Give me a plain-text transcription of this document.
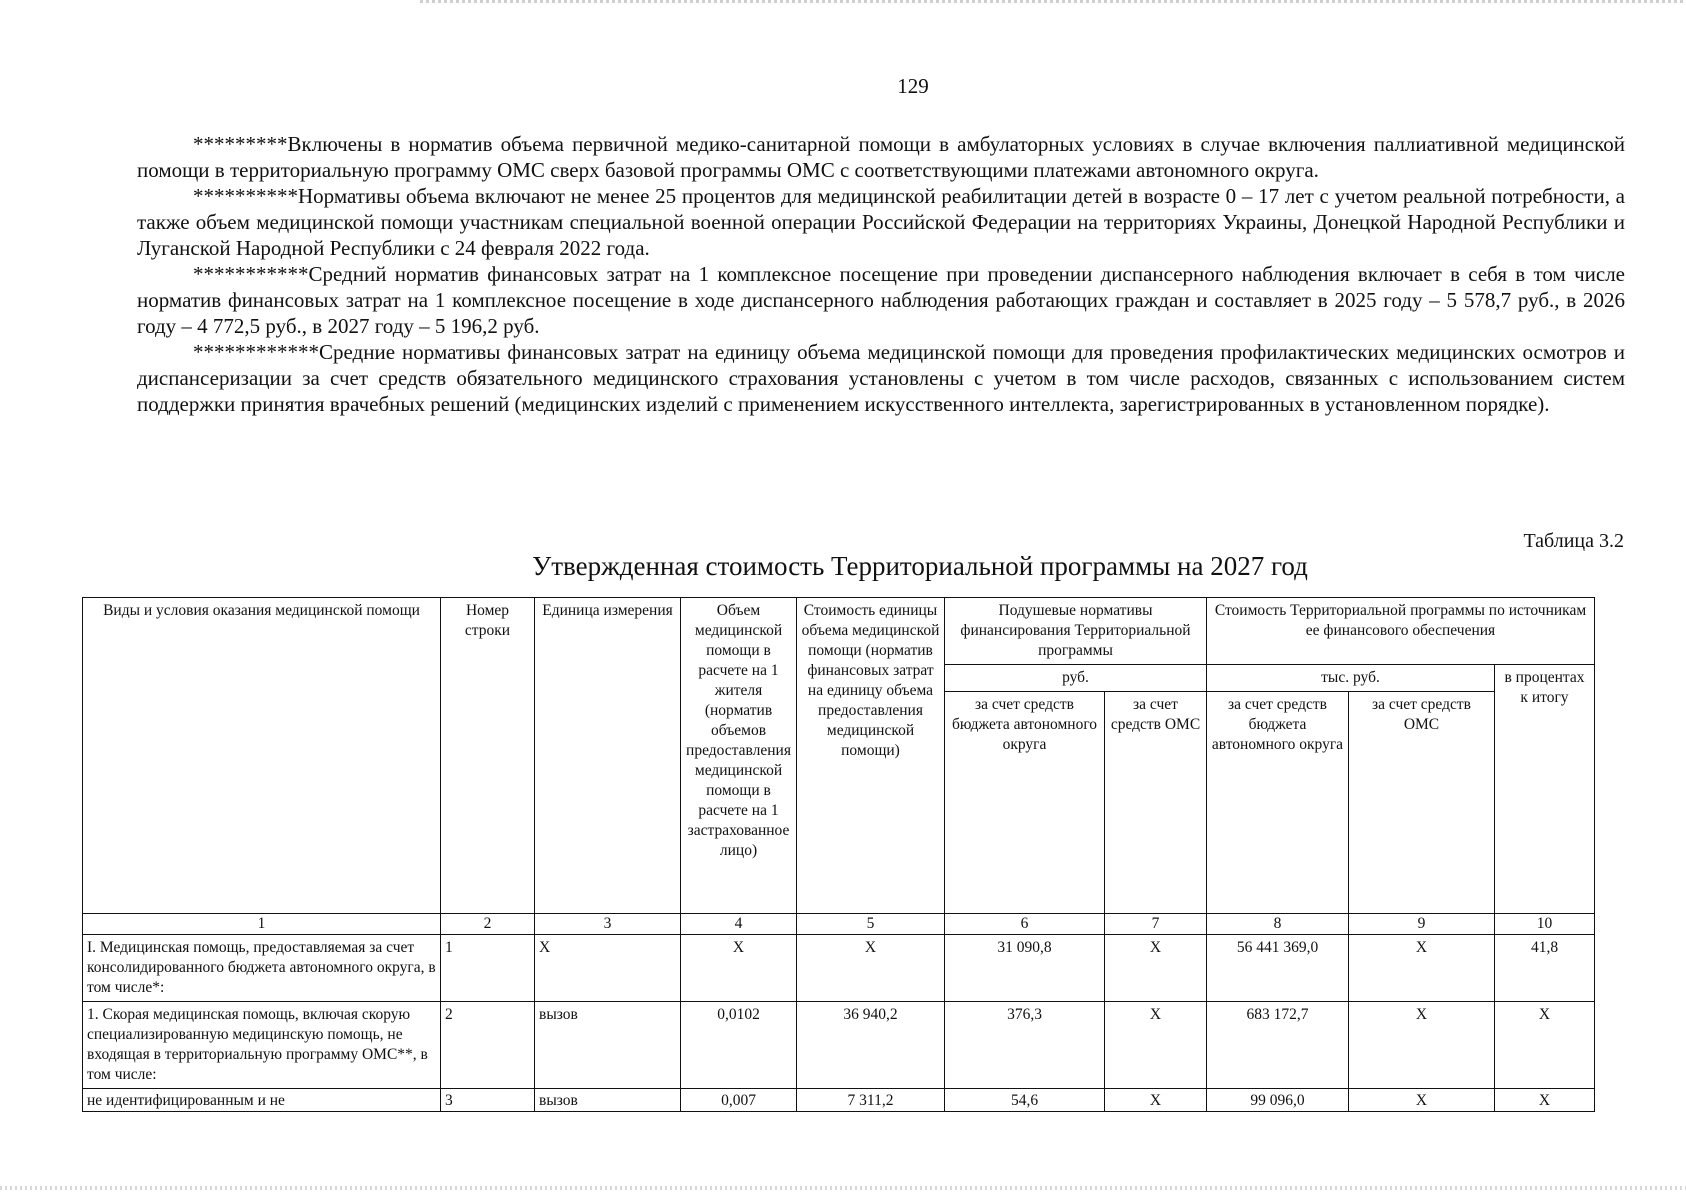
129

*********Включены в норматив объема первичной медико-санитарной помощи в амбулаторных условиях в случае включения паллиативной медицинской помощи в территориальную программу ОМС сверх базовой программы ОМС с соответствующими платежами автономного округа.

**********Нормативы объема включают не менее 25 процентов для медицинской реабилитации детей в возрасте 0 – 17 лет с учетом реальной потребности, а также объем медицинской помощи участникам специальной военной операции Российской Федерации на территориях Украины, Донецкой Народной Республики и Луганской Народной Республики с 24 февраля 2022 года.

***********Средний норматив финансовых затрат на 1 комплексное посещение при проведении диспансерного наблюдения включает в себя в том числе норматив финансовых затрат на 1 комплексное посещение в ходе диспансерного наблюдения работающих граждан и составляет в 2025 году – 5 578,7 руб., в 2026 году – 4 772,5 руб., в 2027 году – 5 196,2 руб.

************Средние нормативы финансовых затрат на единицу объема медицинской помощи для проведения профилактических медицинских осмотров и диспансеризации за счет средств обязательного медицинского страхования установлены с учетом в том числе расходов, связанных с использованием систем поддержки принятия врачебных решений (медицинских изделий с применением искусственного интеллекта, зарегистрированных в установленном порядке).

Таблица 3.2
Утвержденная стоимость Территориальной программы на 2027 год
Виды и условия оказания медицинской помощи	Номер строки	Единица измерения	Объем медицинской помощи в расчете на 1 жителя (норматив объемов предоставления медицинской помощи в расчете на 1 застрахованное лицо)	Стоимость единицы объема медицинской помощи (норматив финансовых затрат на единицу объема предоставления медицинской помощи)	Подушевые нормативы финансирования Территориальной программы		Стоимость Территориальной программы по источникам ее финансового обеспечения		
					руб.		тыс. руб.		в процентах к итогу
					за счет средств бюджета автономного округа	за счет средств ОМС	за счет средств бюджета автономного округа	за счет средств ОМС	
1	2	3	4	5	6	7	8	9	10
I. Медицинская помощь, предоставляемая за счет консолидированного бюджета автономного округа, в том числе*:	1	X	X	X	31 090,8	X	56 441 369,0	X	41,8
1. Скорая медицинская помощь, включая скорую специализированную медицинскую помощь, не входящая в территориальную программу ОМС**, в том числе:	2	вызов	0,0102	36 940,2	376,3	X	683 172,7	X	X
не идентифицированным и не	3	вызов	0,007	7 311,2	54,6	X	99 096,0	X	X
